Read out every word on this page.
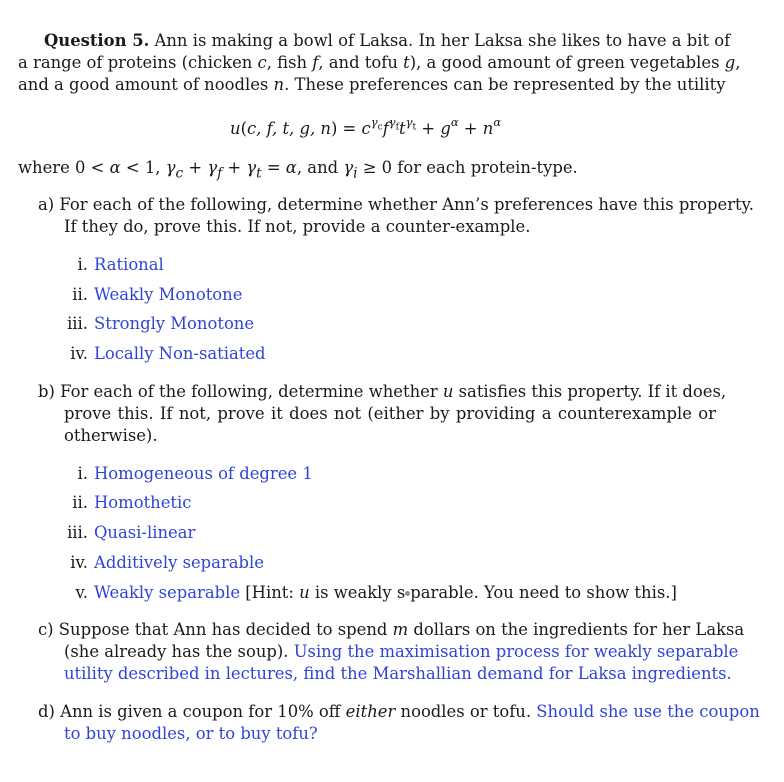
Question 5. Ann is making a bowl of Laksa. In her Laksa she likes to have a bit of
a range of proteins (chicken c, fish f, and tofu t), a good amount of green vegetables g,
and a good amount of noodles n. These preferences can be represented by the utility
u(c, f, t, g, $n) = c^{\gamma_c}f^{\gamma_f}t^{\gamma_t} + g^\alpha + n^\alpha$
where 0 < α < 1, $\gamma_c + \gamma_f + \gamma_t = \alpha$, and $\gamma_i \ge 0$ for each protein-type.
a) For each of the following, determine whether Ann’s preferences have this property.
If they do, prove this. If not, provide a counter-example.
i. Rational
ii. Weakly Monotone
iii. Strongly Monotone
iv. Locally Non-satiated
b) For each of the following, determine whether u satisfies this property. If it does,
prove this. If not, prove it does not (either by providing a counterexample or
otherwise).
i. Homogeneous of degree 1
ii. Homothetic
iii. Quasi-linear
iv. Additively separable
v. Weakly separable [Hint: u is weakly s parable. You need to show this.]
c) Suppose that Ann has decided to spend m dollars on the ingredients for her Laksa
(she already has the soup). Using the maximisation process for weakly separable
utility described in lectures, find the Marshallian demand for Laksa ingredients.
d) Ann is given a coupon for 10% off either noodles or tofu. Should she use the coupon
to buy noodles, or to buy tofu?
